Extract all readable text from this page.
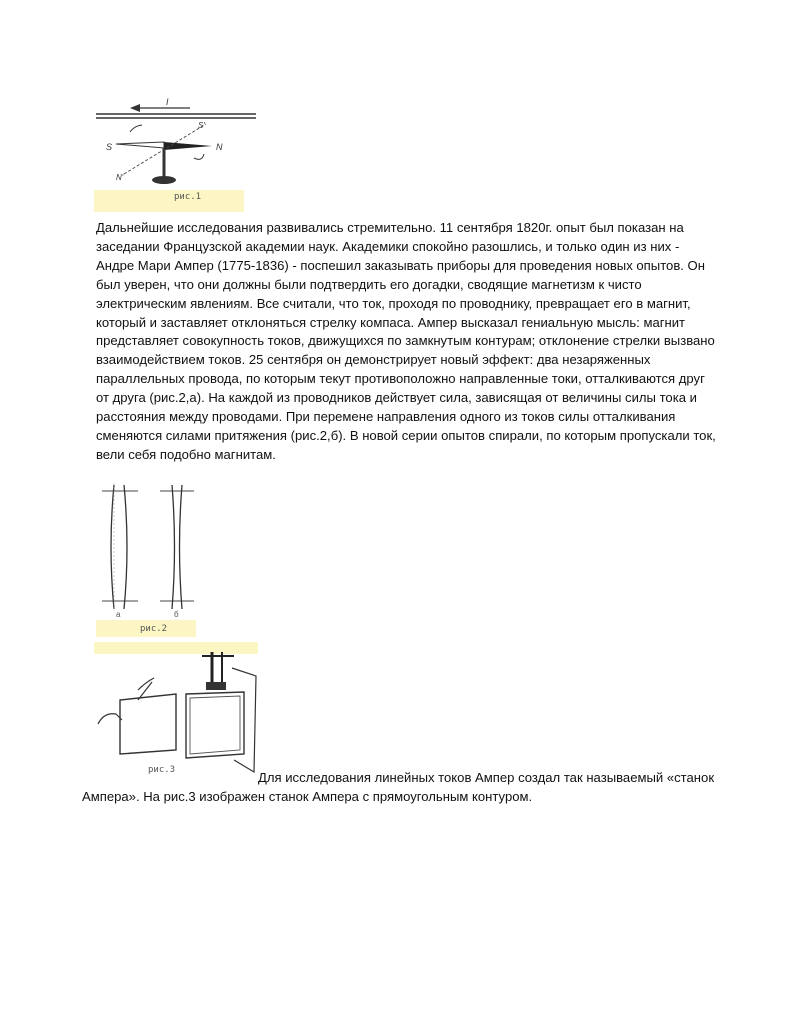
I
S
S'
N
N'
рис.1

Дальнейшие исследования развивались стремительно. 11 сентября 1820г. опыт был показан на заседании Французской академии наук. Академики спокойно разошлись, и только один из них - Андре Мари Ампер (1775-1836) - поспешил заказывать приборы для проведения новых опытов. Он был уверен, что они должны были подтвердить его догадки, сводящие магнетизм к чисто электрическим явлениям. Все считали, что ток, проходя по проводнику, превращает его в магнит, который и заставляет отклоняться стрелку компаса. Ампер высказал гениальную мысль: магнит представляет совокупность токов, движущихся по замкнутым контурам; отклонение стрелки вызвано взаимодействием токов. 25 сентября он демонстрирует новый эффект: два незаряженных параллельных провода, по которым текут противоположно направленные токи, отталкиваются друг от друга (рис.2,а). На каждой из проводников действует сила, зависящая от величины силы тока и расстояния между проводами. При перемене направления одного из токов силы отталкивания сменяются силами притяжения (рис.2,б). В новой серии опытов спирали, по которым пропускали ток, вели себя подобно магнитам.

а	б
рис.2
рис.3	Для исследования линейных токов Ампер создал так называемый «станок Ампера». На рис.3 изображен станок Ампера с прямоугольным контуром.
